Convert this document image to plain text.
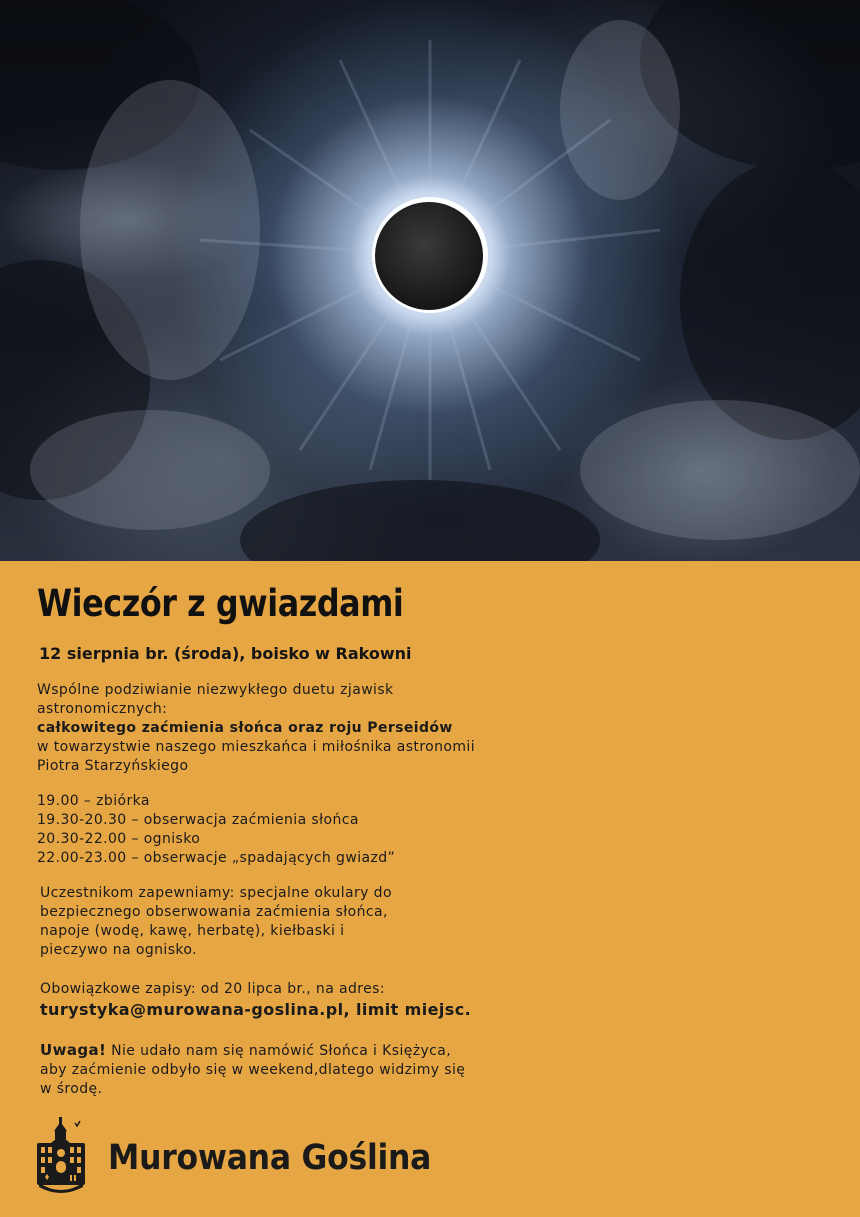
Wieczór z gwiazdami
12 sierpnia br. (środa), boisko w Rakowni

Wspólne podziwianie niezwykłego duetu zjawisk

astronomicznych:

całkowitego zaćmienia słońca oraz roju Perseidów

w towarzystwie naszego mieszkańca i miłośnika astronomii

Piotra Starzyńskiego

19.00 – zbiórka

19.30-20.30 – obserwacja zaćmienia słońca

20.30-22.00 – ognisko

22.00-23.00 – obserwacje „spadających gwiazd”

Uczestnikom zapewniamy: specjalne okulary do

bezpiecznego obserwowania zaćmienia słońca,

napoje (wodę, kawę, herbatę), kiełbaski i

pieczywo na ognisko.

Obowiązkowe zapisy: od 20 lipca br., na adres:

turystyka@murowana-goslina.pl, limit miejsc.

Uwaga! Nie udało nam się namówić Słońca i Księżyca,

aby zaćmienie odbyło się w weekend,dlatego widzimy się

w środę.

Murowana Goślina
